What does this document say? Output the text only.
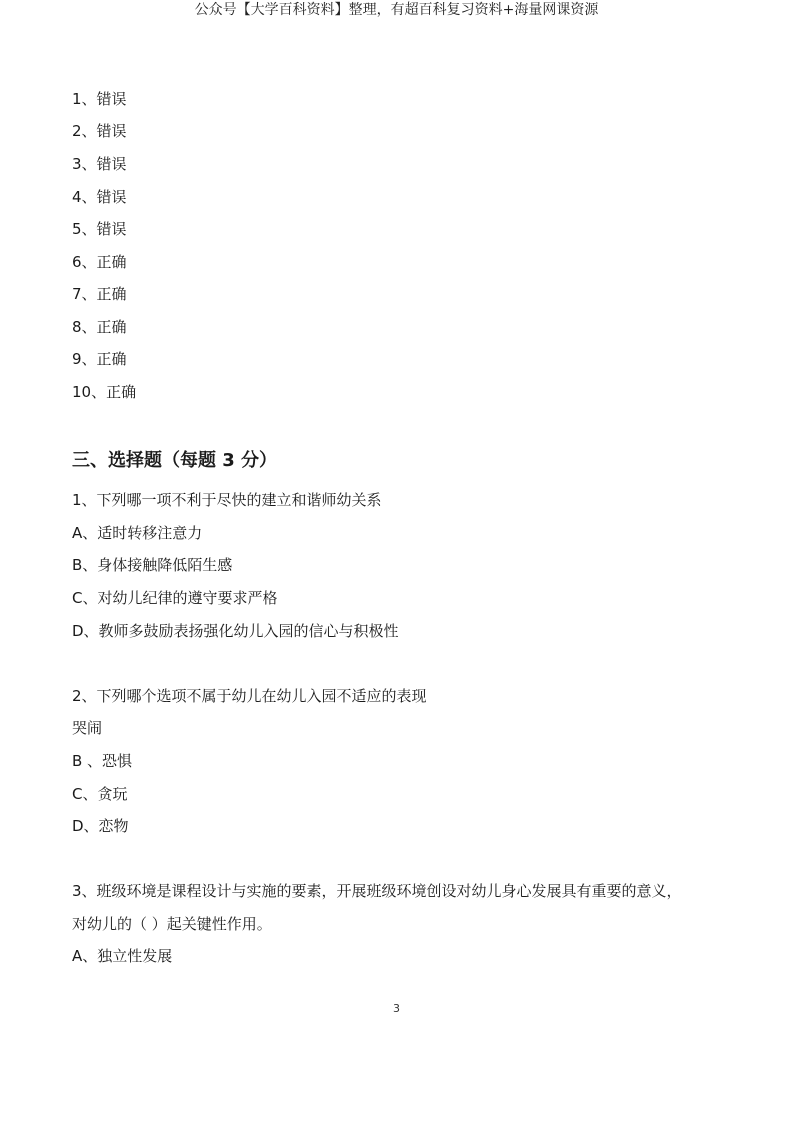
公众号【大学百科资料】整理，有超百科复习资料+海量网课资源
1、错误
2、错误
3、错误
4、错误
5、错误
6、正确
7、正确
8、正确
9、正确
10、正确
三、选择题（每题 3 分）
1、下列哪一项不利于尽快的建立和谐师幼关系
A、适时转移注意力
B、身体接触降低陌生感
C、对幼儿纪律的遵守要求严格
D、教师多鼓励表扬强化幼儿入园的信心与积极性
2、下列哪个选项不属于幼儿在幼儿入园不适应的表现
哭闹
B 、恐惧
C、贪玩
D、恋物
3、班级环境是课程设计与实施的要素，开展班级环境创设对幼儿身心发展具有重要的意义，
对幼儿的（ ）起关键性作用。
A、独立性发展
3
